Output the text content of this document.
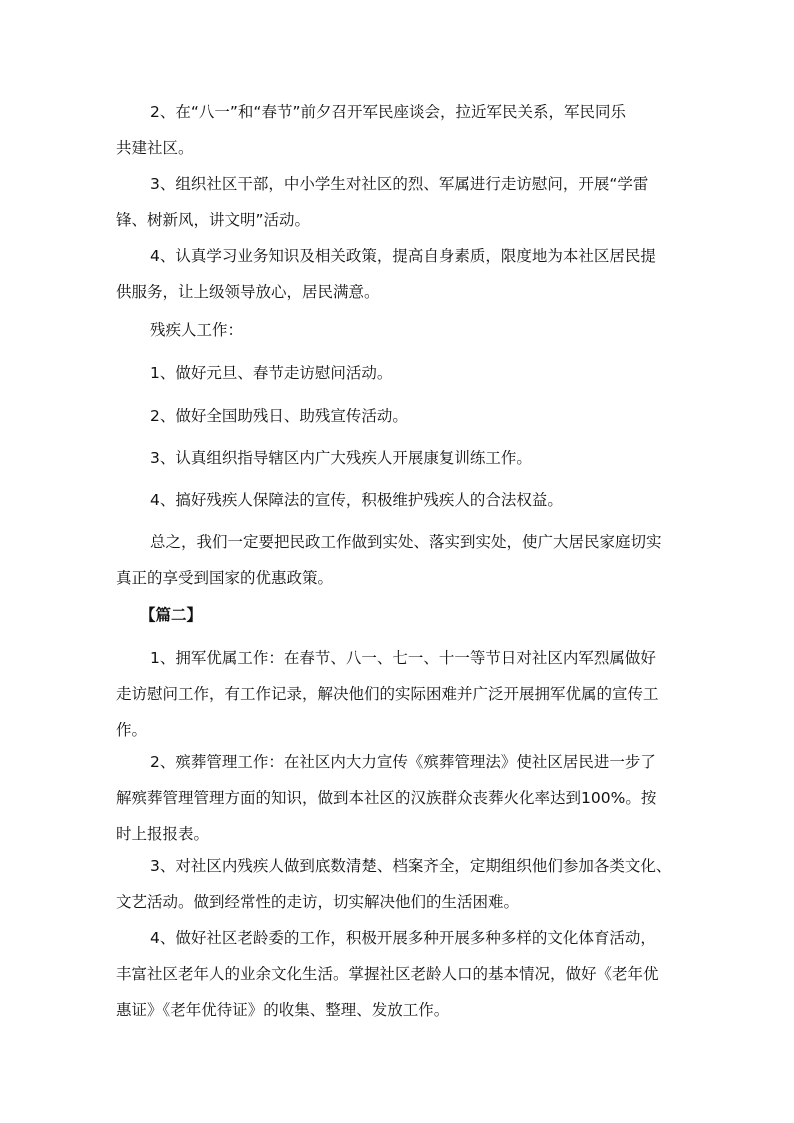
2、在“八一”和“春节”前夕召开军民座谈会，拉近军民关系，军民同乐
共建社区。

3、组织社区干部，中小学生对社区的烈、军属进行走访慰问，开展“学雷
锋、树新风，讲文明”活动。

4、认真学习业务知识及相关政策，提高自身素质，限度地为本社区居民提
供服务，让上级领导放心，居民满意。

残疾人工作：

1、做好元旦、春节走访慰问活动。

2、做好全国助残日、助残宣传活动。

3、认真组织指导辖区内广大残疾人开展康复训练工作。

4、搞好残疾人保障法的宣传，积极维护残疾人的合法权益。

总之，我们一定要把民政工作做到实处、落实到实处，使广大居民家庭切实
真正的享受到国家的优惠政策。

【篇二】

1、拥军优属工作：在春节、八一、七一、十一等节日对社区内军烈属做好
走访慰问工作，有工作记录，解决他们的实际困难并广泛开展拥军优属的宣传工
作。

2、殡葬管理工作：在社区内大力宣传《殡葬管理法》使社区居民进一步了
解殡葬管理管理方面的知识，做到本社区的汉族群众丧葬火化率达到100%。按
时上报报表。

3、对社区内残疾人做到底数清楚、档案齐全，定期组织他们参加各类文化、
文艺活动。做到经常性的走访，切实解决他们的生活困难。

4、做好社区老龄委的工作，积极开展多种开展多种多样的文化体育活动，
丰富社区老年人的业余文化生活。掌握社区老龄人口的基本情况，做好《老年优
惠证》《老年优待证》的收集、整理、发放工作。
